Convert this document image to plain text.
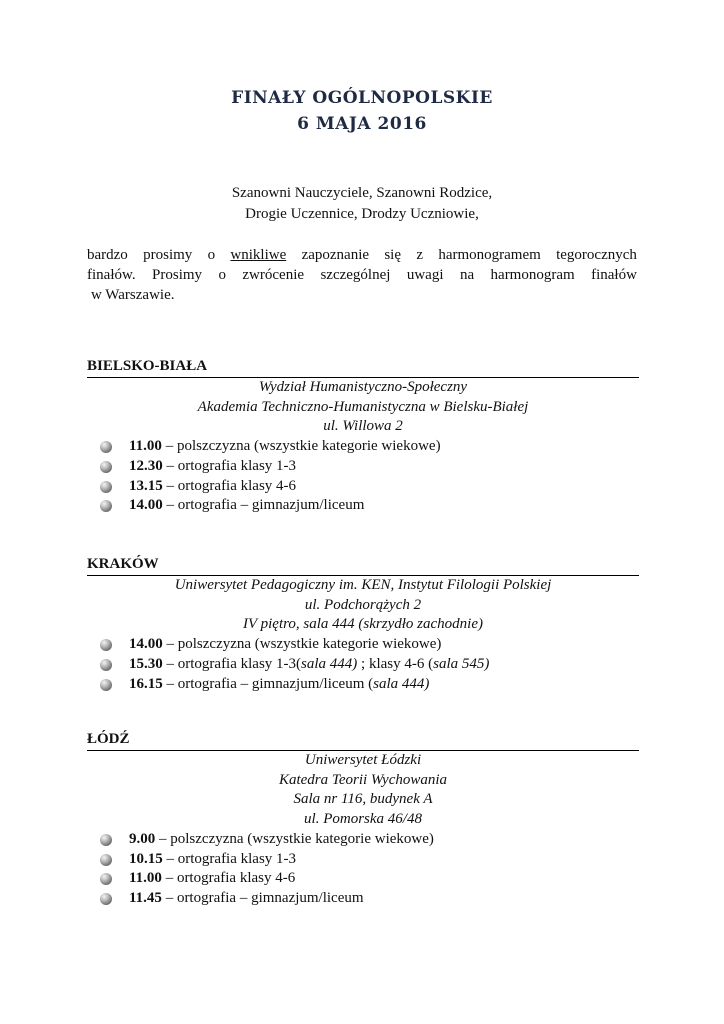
FINAŁY OGÓLNOPOLSKIE
6 MAJA 2016
Szanowni Nauczyciele, Szanowni Rodzice,
Drogie Uczennice, Drodzy Uczniowie,
bardzo prosimy o wnikliwe zapoznanie się z harmonogramem tegorocznych
finałów. Prosimy o zwrócenie szczególnej uwagi na harmonogram finałów
w Warszawie.
BIELSKO-BIAŁA
Wydział Humanistyczno-Społeczny
Akademia Techniczno-Humanistyczna w Bielsku-Białej
ul. Willowa 2
11.00 – polszczyzna (wszystkie kategorie wiekowe)
12.30 – ortografia klasy 1-3
13.15 – ortografia klasy 4-6
14.00 – ortografia – gimnazjum/liceum
KRAKÓW
Uniwersytet Pedagogiczny im. KEN, Instytut Filologii Polskiej
ul. Podchorążych 2
IV piętro, sala 444 (skrzydło zachodnie)
14.00 – polszczyzna (wszystkie kategorie wiekowe)
15.30 – ortografia klasy 1-3(sala 444) ; klasy 4-6 (sala 545)
16.15 – ortografia – gimnazjum/liceum (sala 444)
ŁÓDŹ
Uniwersytet Łódzki
Katedra Teorii Wychowania
Sala nr 116, budynek A
ul. Pomorska 46/48
9.00 – polszczyzna (wszystkie kategorie wiekowe)
10.15 – ortografia klasy 1-3
11.00 – ortografia klasy 4-6
11.45 – ortografia – gimnazjum/liceum
